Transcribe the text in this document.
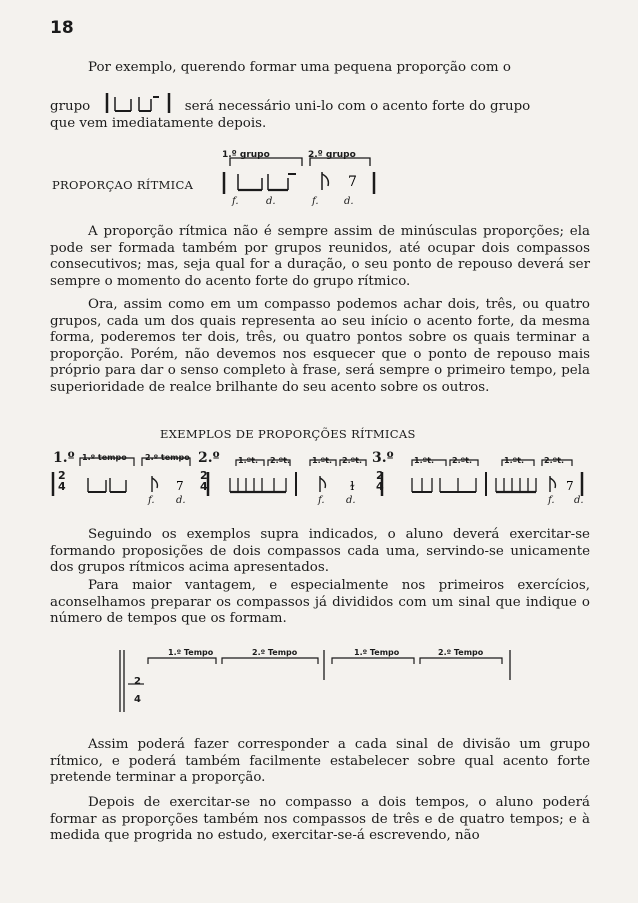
18

Por exemplo, querendo formar uma pequena proporção com o

grupo	será necessário uni-lo com o acento forte do grupo

que vem imediatamente depois.

PROPORÇAO RÍTMICA	7
1.º grupo	2.º grupo
f.	d.	f.	d.

A proporção rítmica não é sempre assim de minúsculas proporções; ela pode ser formada também por grupos reunidos, até ocupar dois compassos consecutivos; mas, seja qual for a duração, o seu ponto de repouso deverá ser sempre o momento do acento forte do grupo rítmico.

Ora, assim como em um compasso podemos achar dois, três, ou quatro grupos, cada um dos quais representa ao seu início o acento forte, da mesma forma, poderemos ter dois, três, ou quatro pontos sobre os quais terminar a proporção. Porém, não devemos nos esquecer que o ponto de repouso mais próprio para dar o senso completo à frase, será sempre o primeiro tempo, pela superioridade de realce brilhante do seu acento sobre os outros.

EXEMPLOS DE PROPORÇÕES RÍTMICAS
7	ɫ	7
1.º
2
4
1.º tempo 2.º tempo 2.º
2
4
1.ºt. 2.ºt.	1.ºt. 2.ºt. 3.º
2
4
1.ºt. 2.ºt.	1.ºt.	2.ºt.
f. d.	f. d.	f. d.

Seguindo os exemplos supra indicados, o aluno deverá exercitar-se formando proposições de dois compassos cada uma, servindo-se unicamente dos grupos rítmicos acima apresentados.

Para maior vantagem, e especialmente nos primeiros exercícios, aconselhamos preparar os compassos já divididos com um sinal que indique o número de tempos que os formam.

1.º Tempo	2.º Tempo	1.º Tempo	2.º Tempo
2
4

Assim poderá fazer corresponder a cada sinal de divisão um grupo rítmico, e poderá também facilmente estabelecer sobre qual acento forte pretende terminar a proporção.

Depois de exercitar-se no compasso a dois tempos, o aluno poderá formar as proporções também nos compassos de três e de quatro tempos; e à medida que progrida no estudo, exercitar-se-á escrevendo, não
